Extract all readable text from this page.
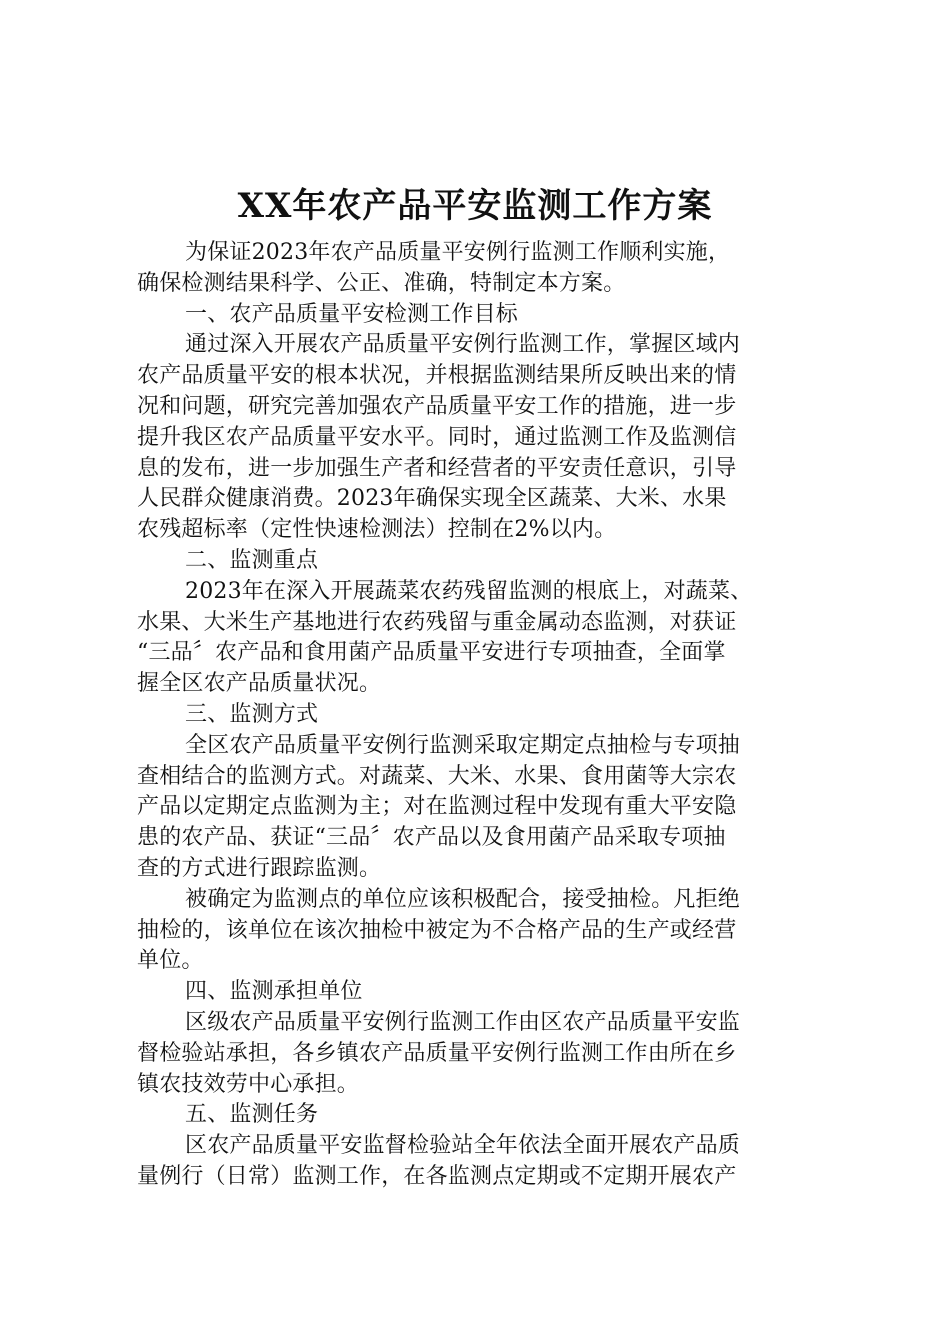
XX年农产品平安监测工作方案

为保证2023年农产品质量平安例行监测工作顺利实施，
确保检测结果科学、公正、准确，特制定本方案。

一、农产品质量平安检测工作目标

通过深入开展农产品质量平安例行监测工作，掌握区域内
农产品质量平安的根本状况，并根据监测结果所反映出来的情
况和问题，研究完善加强农产品质量平安工作的措施，进一步
提升我区农产品质量平安水平。同时，通过监测工作及监测信
息的发布，进一步加强生产者和经营者的平安责任意识，引导
人民群众健康消费。2023年确保实现全区蔬菜、大米、水果
农残超标率（定性快速检测法）控制在2%以内。

二、监测重点

2023年在深入开展蔬菜农药残留监测的根底上，对蔬菜、
水果、大米生产基地进行农药残留与重金属动态监测，对获证
“三品〞农产品和食用菌产品质量平安进行专项抽查，全面掌
握全区农产品质量状况。

三、监测方式

全区农产品质量平安例行监测采取定期定点抽检与专项抽
查相结合的监测方式。对蔬菜、大米、水果、食用菌等大宗农
产品以定期定点监测为主；对在监测过程中发现有重大平安隐
患的农产品、获证“三品〞农产品以及食用菌产品采取专项抽
查的方式进行跟踪监测。

被确定为监测点的单位应该积极配合，接受抽检。凡拒绝
抽检的，该单位在该次抽检中被定为不合格产品的生产或经营
单位。

四、监测承担单位

区级农产品质量平安例行监测工作由区农产品质量平安监
督检验站承担，各乡镇农产品质量平安例行监测工作由所在乡
镇农技效劳中心承担。

五、监测任务

区农产品质量平安监督检验站全年依法全面开展农产品质
量例行（日常）监测工作，在各监测点定期或不定期开展农产
